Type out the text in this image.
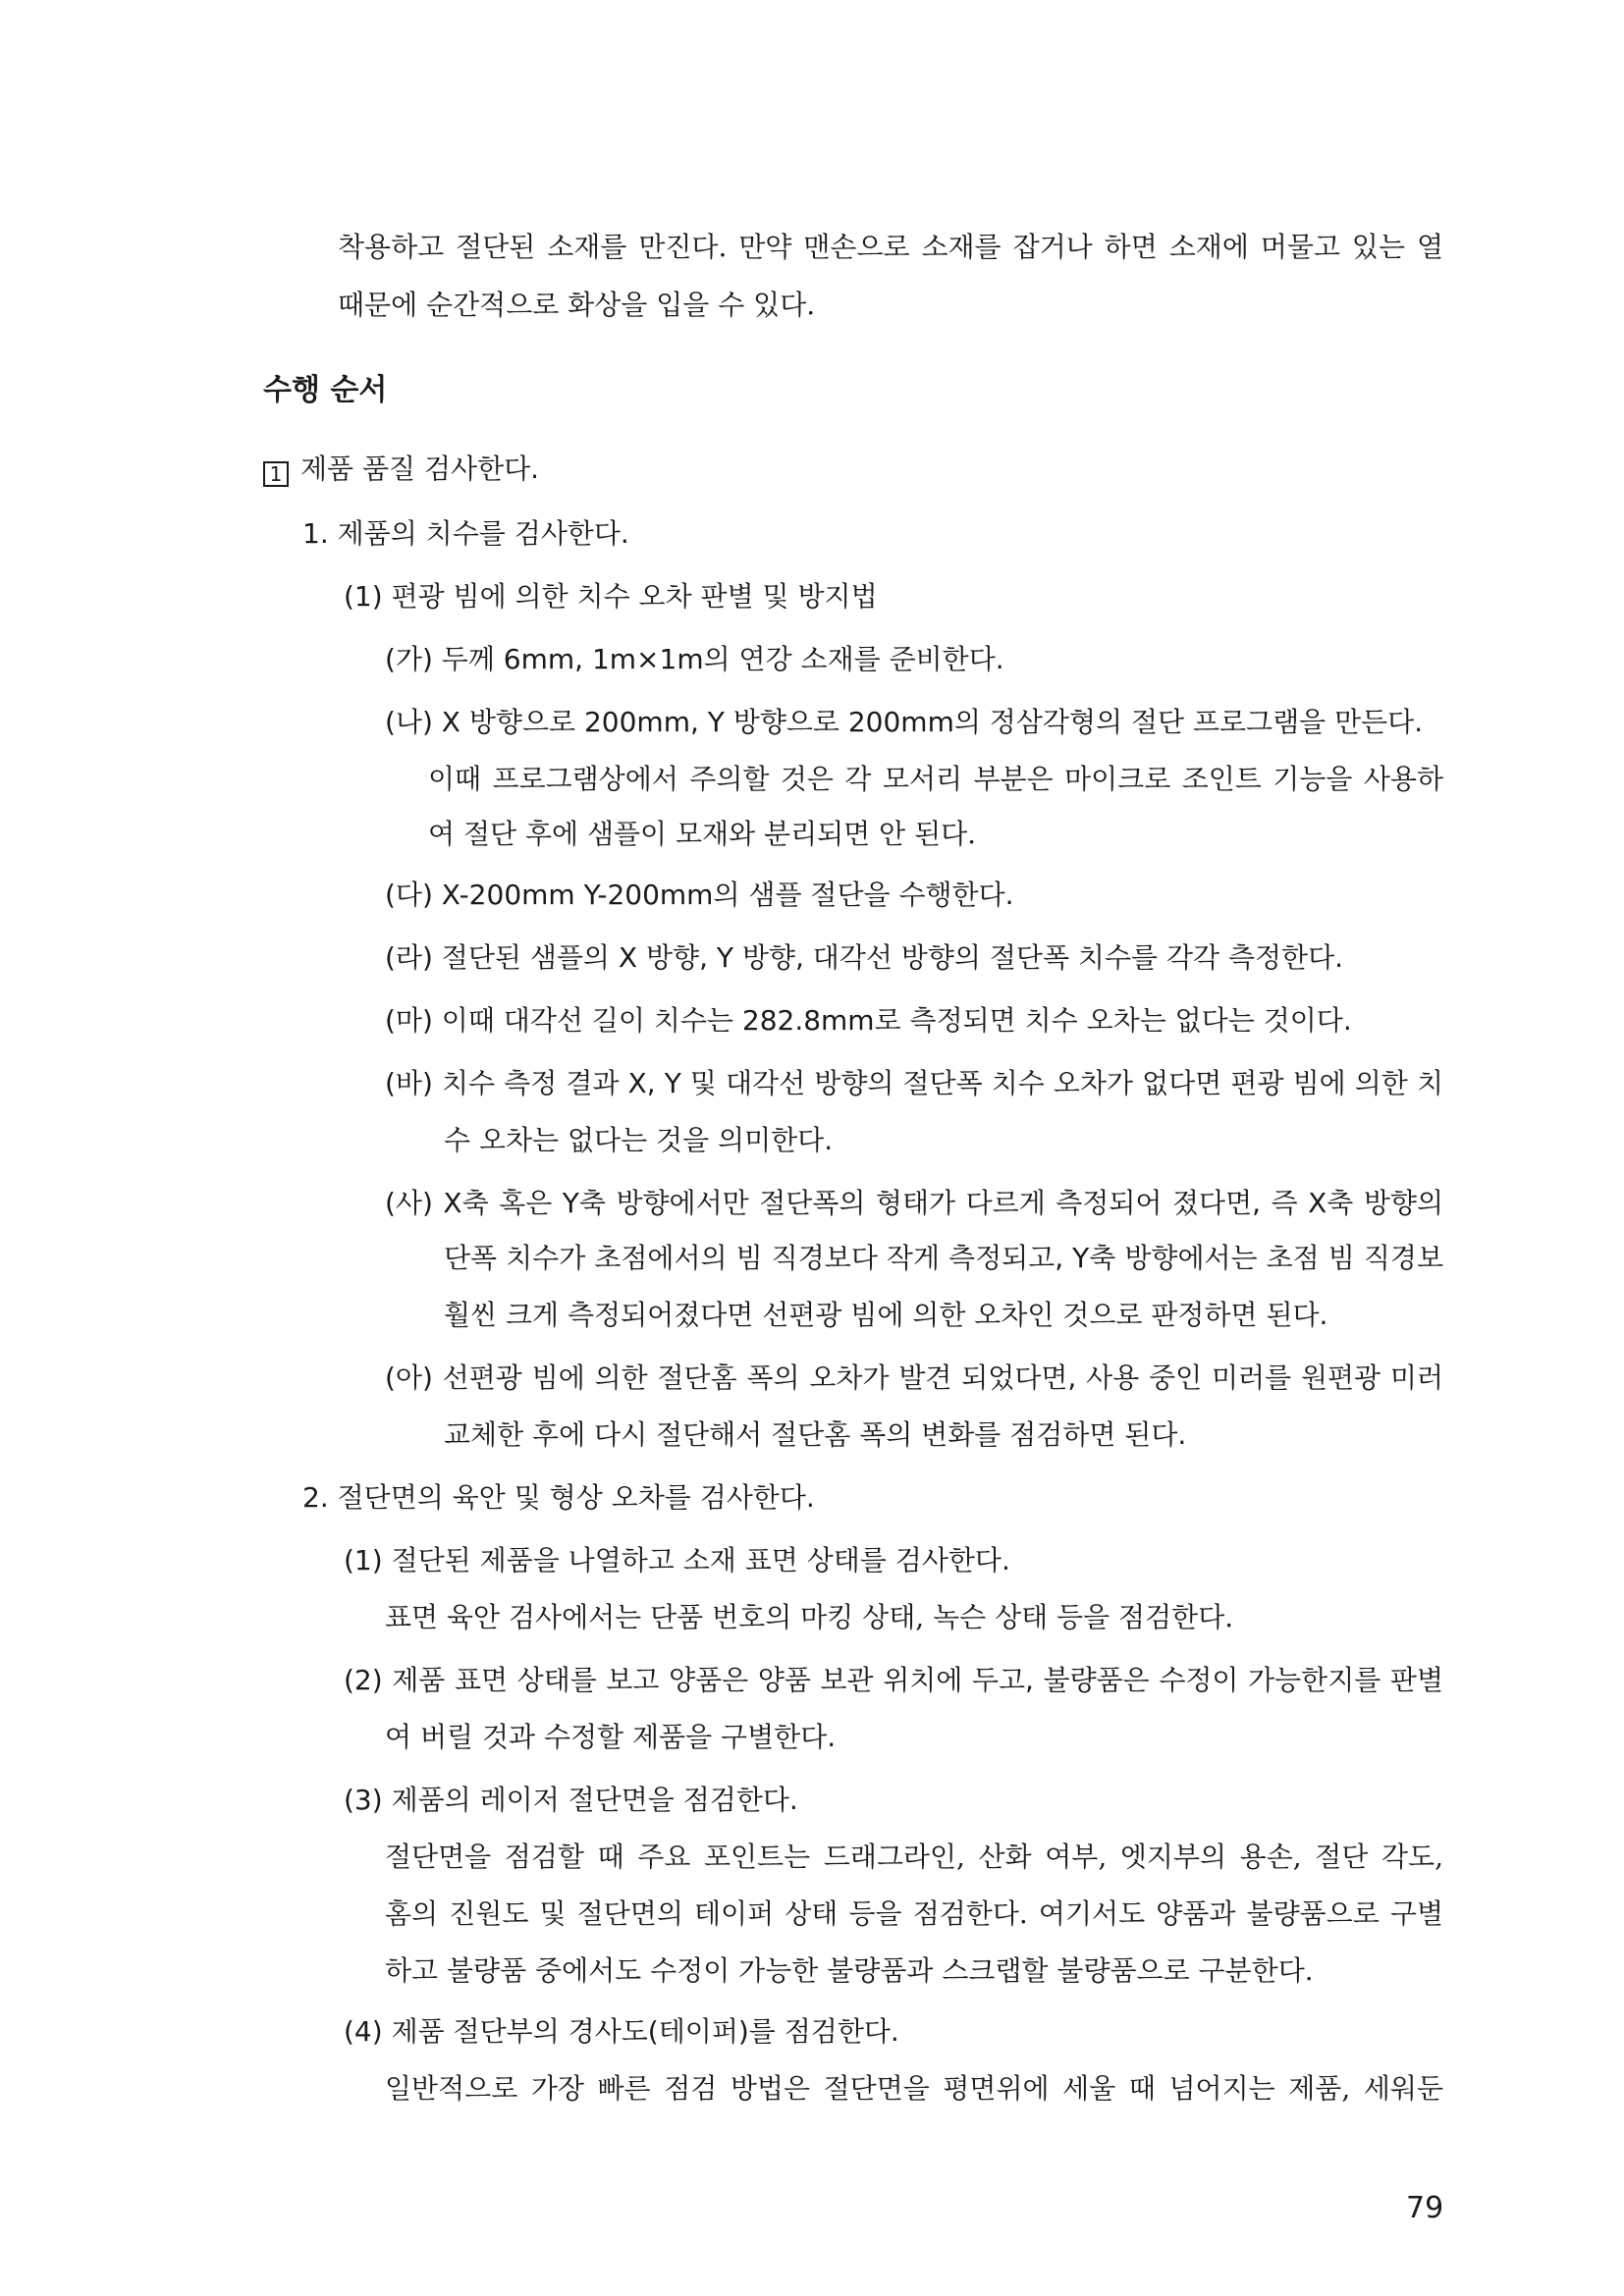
착용하고 절단된 소재를 만진다. 만약 맨손으로 소재를 잡거나 하면 소재에 머물고 있는 열
때문에 순간적으로 화상을 입을 수 있다.
수행 순서
1 제품 품질 검사한다.
1. 제품의 치수를 검사한다.
(1) 편광 빔에 의한 치수 오차 판별 및 방지법
(가) 두께 6mm, 1m×1m의 연강 소재를 준비한다.
(나) X 방향으로 200mm, Y 방향으로 200mm의 정삼각형의 절단 프로그램을 만든다.
이때 프로그램상에서 주의할 것은 각 모서리 부분은 마이크로 조인트 기능을 사용하
여 절단 후에 샘플이 모재와 분리되면 안 된다.
(다) X-200mm Y-200mm의 샘플 절단을 수행한다.
(라) 절단된 샘플의 X 방향, Y 방향, 대각선 방향의 절단폭 치수를 각각 측정한다.
(마) 이때 대각선 길이 치수는 282.8mm로 측정되면 치수 오차는 없다는 것이다.
(바) 치수 측정 결과 X, Y 및 대각선 방향의 절단폭 치수 오차가 없다면 편광 빔에 의한 치
수 오차는 없다는 것을 의미한다.
(사) X축 혹은 Y축 방향에서만 절단폭의 형태가 다르게 측정되어 졌다면, 즉 X축 방향의
단폭 치수가 초점에서의 빔 직경보다 작게 측정되고, Y축 방향에서는 초점 빔 직경보
훨씬 크게 측정되어졌다면 선편광 빔에 의한 오차인 것으로 판정하면 된다.
(아) 선편광 빔에 의한 절단홈 폭의 오차가 발견 되었다면, 사용 중인 미러를 원편광 미러
교체한 후에 다시 절단해서 절단홈 폭의 변화를 점검하면 된다.
2. 절단면의 육안 및 형상 오차를 검사한다.
(1) 절단된 제품을 나열하고 소재 표면 상태를 검사한다.
표면 육안 검사에서는 단품 번호의 마킹 상태, 녹슨 상태 등을 점검한다.
(2) 제품 표면 상태를 보고 양품은 양품 보관 위치에 두고, 불량품은 수정이 가능한지를 판별
여 버릴 것과 수정할 제품을 구별한다.
(3) 제품의 레이저 절단면을 점검한다.
절단면을 점검할 때 주요 포인트는 드래그라인, 산화 여부, 엣지부의 용손, 절단 각도,
홈의 진원도 및 절단면의 테이퍼 상태 등을 점검한다. 여기서도 양품과 불량품으로 구별
하고 불량품 중에서도 수정이 가능한 불량품과 스크랩할 불량품으로 구분한다.
(4) 제품 절단부의 경사도(테이퍼)를 점검한다.
일반적으로 가장 빠른 점검 방법은 절단면을 평면위에 세울 때 넘어지는 제품, 세워둔
79
